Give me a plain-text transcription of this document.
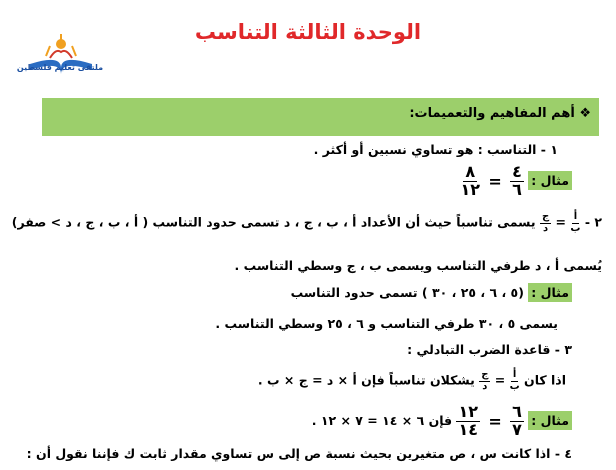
الوحدة الثالثة التناسب
ملتقى تعليم فلسطين
❖ أهم المفاهيم والتعميمات:
١ - التناسب : هو تساوي نسبين أو أكثر .
مثال :
$\frac{٤}{٦}$
=
$\frac{٨}{١٢}$
٢ -
$\frac{\text{أ}}{\text{ب}}$
=
$\frac{\text{ج}}{\text{د}}$
يسمى تناسباً حيث أن الأعداد أ ، ب ، ج ، د تسمى حدود التناسب ( أ ، ب ، ج ، د > صفر)
يُسمى أ ، د طرفي التناسب ويسمى ب ، ج وسطي التناسب .
مثال : (٥ ، ٦ ، ٢٥ ، ٣٠ ) تسمى حدود التناسب
يسمى ٥ ، ٣٠ طرفي التناسب و ٦ ، ٢٥ وسطي التناسب .
٣ - قاعدة الضرب التبادلي :
اذا كان
$\frac{\text{أ}}{\text{ب}}$
=
$\frac{\text{ج}}{\text{د}}$
يشكلان تناسباً فإن أ × د = ج × ب .
مثال :
$\frac{٦}{٧}$
=
$\frac{١٢}{١٤}$
فإن ٦ × ١٤ = ٧ × ١٢ .
٤ - اذا كانت س ، ص متغيرين بحيث نسبة ص إلى س تساوي مقدار ثابت ك فإننا نقول أن :
